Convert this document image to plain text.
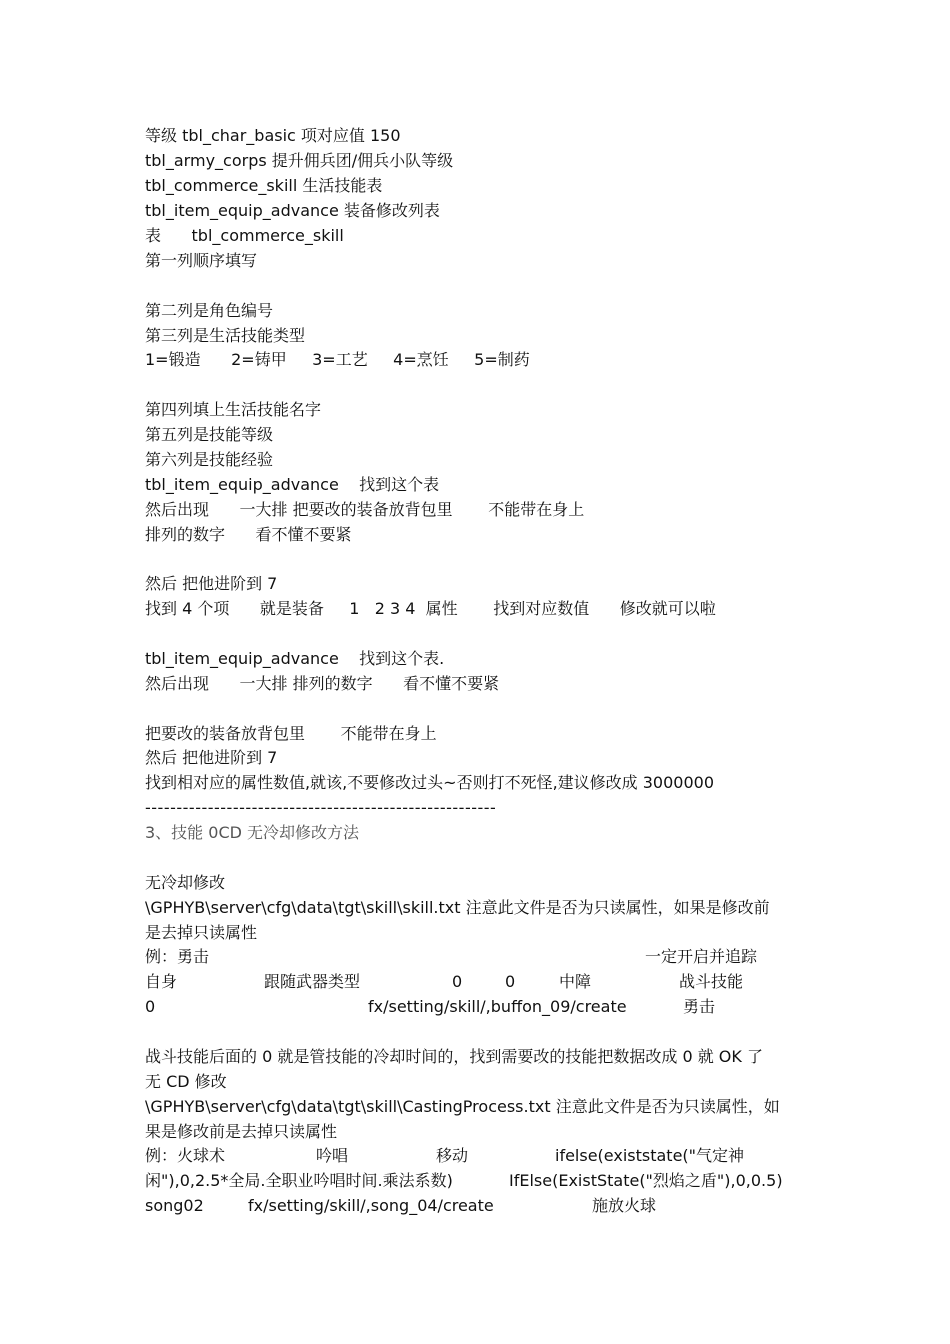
等级 tbl_char_basic 项对应值 150
tbl_army_corps 提升佣兵团/佣兵小队等级
tbl_commerce_skill 生活技能表
tbl_item_equip_advance 装备修改列表
表      tbl_commerce_skill
第一列顺序填写
第二列是角色编号
第三列是生活技能类型
1=锻造      2=铸甲     3=工艺     4=烹饪     5=制药
第四列填上生活技能名字
第五列是技能等级
第六列是技能经验
tbl_item_equip_advance    找到这个表
然后出现      一大排 把要改的装备放背包里       不能带在身上
排列的数字      看不懂不要紧
然后 把他进阶到 7
找到 4 个项      就是装备     1   2 3 4  属性       找到对应数值      修改就可以啦
tbl_item_equip_advance    找到这个表.
然后出现      一大排 排列的数字      看不懂不要紧
把要改的装备放背包里       不能带在身上
然后 把他进阶到 7
找到相对应的属性数值,就该,不要修改过头~否则打不死怪,建议修改成 3000000
--------------------------------------------------------
3、技能 0CD 无冷却修改方法
无冷却修改
\GPHYB\server\cfg\data\tgt\skill\skill.txt 注意此文件是否为只读属性，如果是修改前
是去掉只读属性
例：勇击	一定开启并追踪
自身	跟随武器类型	0	0	中障	战斗技能
0	fx/setting/skill/,buffon_09/create	勇击
战斗技能后面的 0 就是管技能的冷却时间的，找到需要改的技能把数据改成 0 就 OK 了
无 CD 修改
\GPHYB\server\cfg\data\tgt\skill\CastingProcess.txt 注意此文件是否为只读属性，如
果是修改前是去掉只读属性
例：火球术	吟唱	移动	ifelse(existstate("气定神
闲"),0,2.5*全局.全职业吟唱时间.乘法系数)	IfElse(ExistState("烈焰之盾"),0,0.5)
song02	fx/setting/skill/,song_04/create	施放火球
